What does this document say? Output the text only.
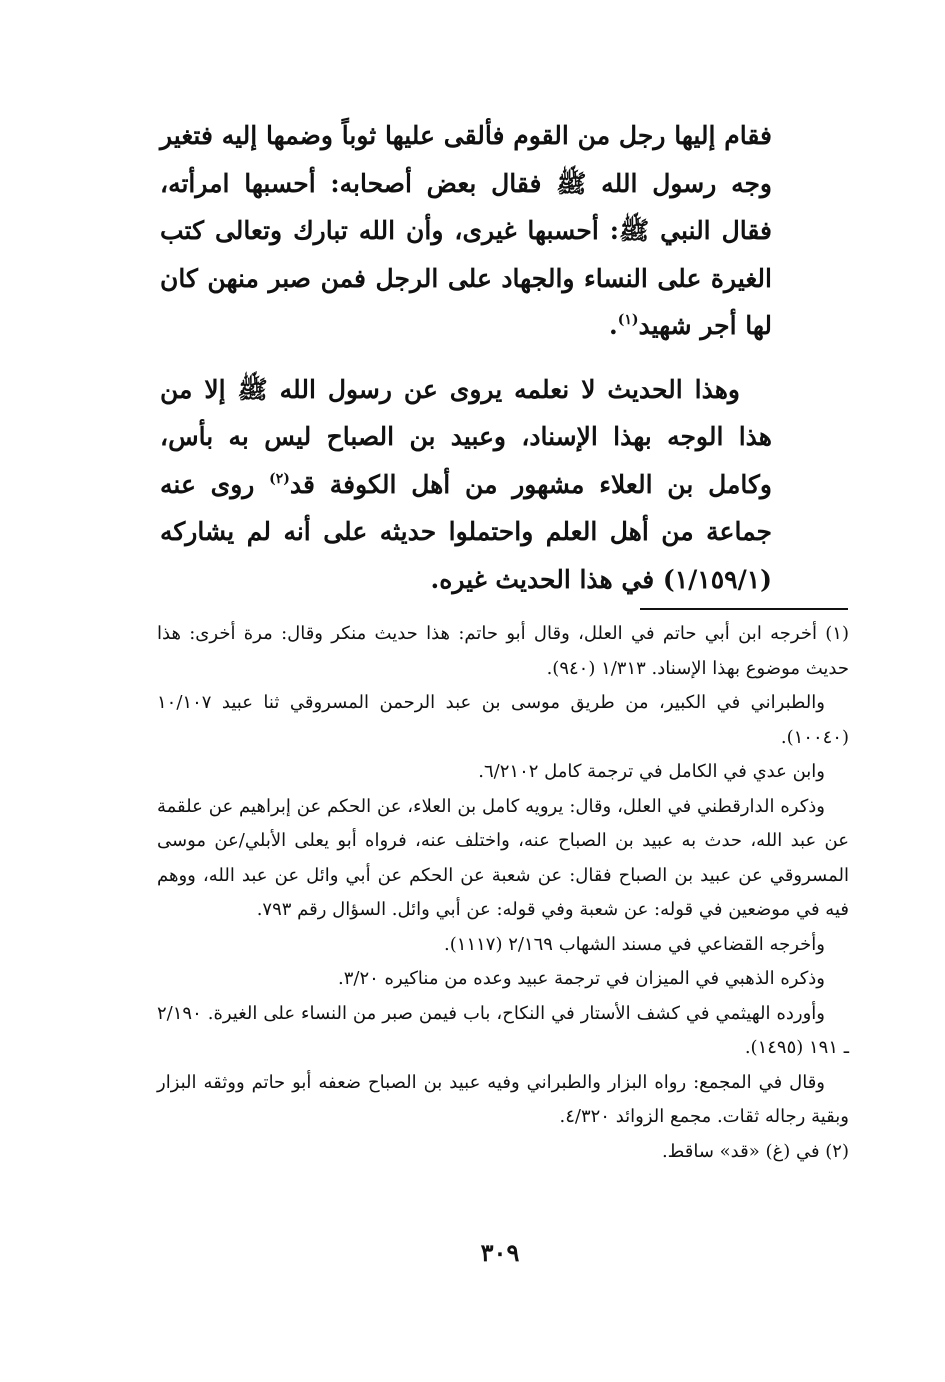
فقام إليها رجل من القوم فألقى عليها ثوباً وضمها إليه فتغير وجه رسول الله ﷺ فقال بعض أصحابه: أحسبها امرأته، فقال النبي ﷺ: أحسبها غيرى، وأن الله تبارك وتعالى كتب الغيرة على النساء والجهاد على الرجل فمن صبر منهن كان لها أجر شهيد$^{(١)}$.

وهذا الحديث لا نعلمه يروى عن رسول الله ﷺ إلا من هذا الوجه بهذا الإسناد، وعبيد بن الصباح ليس به بأس، وكامل بن العلاء مشهور من أهل الكوفة قد$^{(٢)}$ روى عنه جماعة من أهل العلم واحتملوا حديثه على أنه لم يشاركه (١/١٥٩/١) في هذا الحديث غيره.

(١) أخرجه ابن أبي حاتم في العلل، وقال أبو حاتم: هذا حديث منكر وقال: مرة أخرى: هذا حديث موضوع بهذا الإسناد. ١/٣١٣ (٩٤٠).

والطبراني في الكبير، من طريق موسى بن عبد الرحمن المسروقي ثنا عبيد ١٠/١٠٧ (١٠٠٤٠).

وابن عدي في الكامل في ترجمة كامل ٦/٢١٠٢.

وذكره الدارقطني في العلل، وقال: يرويه كامل بن العلاء، عن الحكم عن إبراهيم عن علقمة عن عبد الله، حدث به عبيد بن الصباح عنه، واختلف عنه، فرواه أبو يعلى الأبلي/عن موسى المسروقي عن عبيد بن الصباح فقال: عن شعبة عن الحكم عن أبي وائل عن عبد الله، ووهم فيه في موضعين في قوله: عن شعبة وفي قوله: عن أبي وائل. السؤال رقم ٧٩٣.

وأخرجه القضاعي في مسند الشهاب ٢/١٦٩ (١١١٧).

وذكره الذهبي في الميزان في ترجمة عبيد وعده من مناكيره ٣/٢٠.

وأورده الهيثمي في كشف الأستار في النكاح، باب فيمن صبر من النساء على الغيرة. ٢/١٩٠ ـ ١٩١ (١٤٩٥).

وقال في المجمع: رواه البزار والطبراني وفيه عبيد بن الصباح ضعفه أبو حاتم ووثقه البزار وبقية رجاله ثقات. مجمع الزوائد ٤/٣٢٠.

(٢) في (غ) «قد» ساقط.

٣٠٩
